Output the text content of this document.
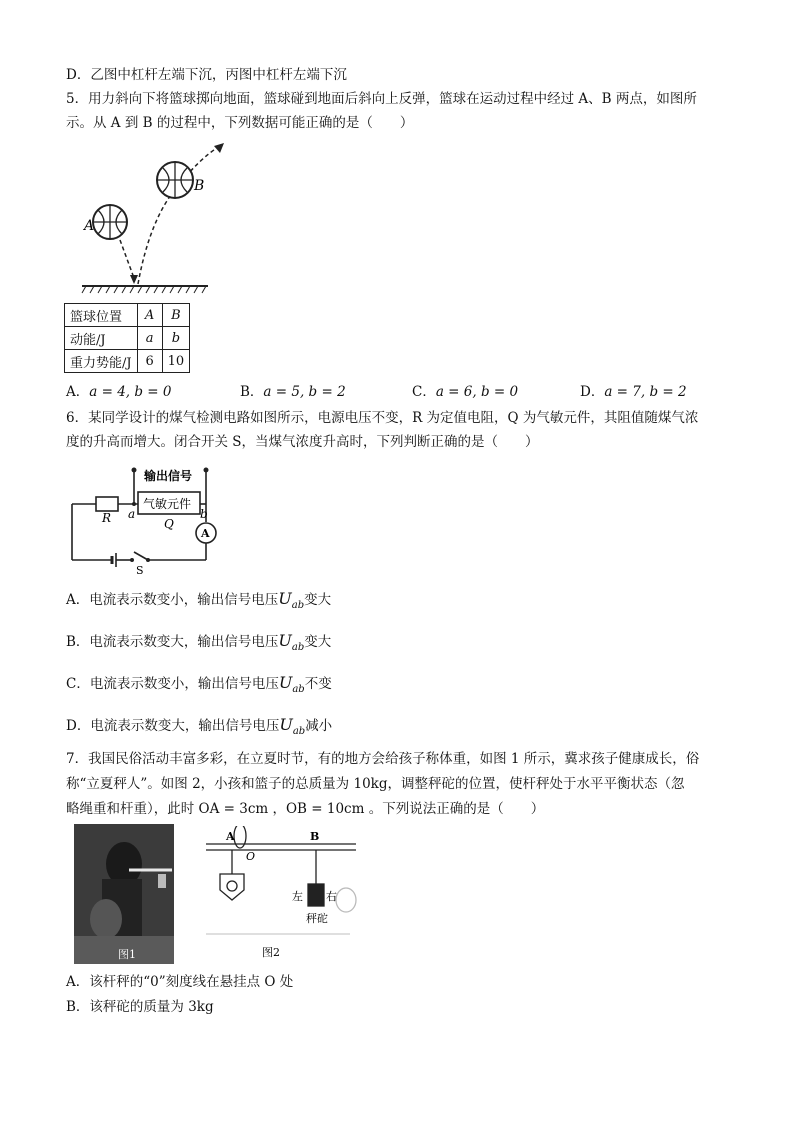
D．乙图中杠杆左端下沉，丙图中杠杆左端下沉
5．用力斜向下将篮球掷向地面，篮球碰到地面后斜向上反弹，篮球在运动过程中经过 A、B 两点，如图所
示。从 A 到 B 的过程中，下列数据可能正确的是（　　）
A
B
篮球位置	A	B
动能/J	a	b
重力势能/J	6	10
A．a = 4, b = 0	B．a = 5, b = 2	C．a = 6, b = 0	D．a = 7, b = 2
6．某同学设计的煤气检测电路如图所示，电源电压不变，R 为定值电阻，Q 为气敏元件，其阻值随煤气浓
度的升高而增大。闭合开关 S，当煤气浓度升高时，下列判断正确的是（　　）
输出信号
气敏元件
R a	b
Q
A
S
A．电流表示数变小，输出信号电压$U_{ab}$变大
B．电流表示数变大，输出信号电压$U_{ab}$变大
C．电流表示数变小，输出信号电压$U_{ab}$不变
D．电流表示数变大，输出信号电压$U_{ab}$减小
7．我国民俗活动丰富多彩，在立夏时节，有的地方会给孩子称体重，如图 1 所示，冀求孩子健康成长，俗
称“立夏秤人”。如图 2，小孩和篮子的总质量为 10kg，调整秤砣的位置，使杆秤处于水平平衡状态（忽
略绳重和杆重），此时 OA = 3cm ，OB = 10cm 。下列说法正确的是（　　）
图1
A
O
B
左 右
秤砣
图2
A．该杆秤的“0”刻度线在悬挂点 O 处
B．该秤砣的质量为 3kg
